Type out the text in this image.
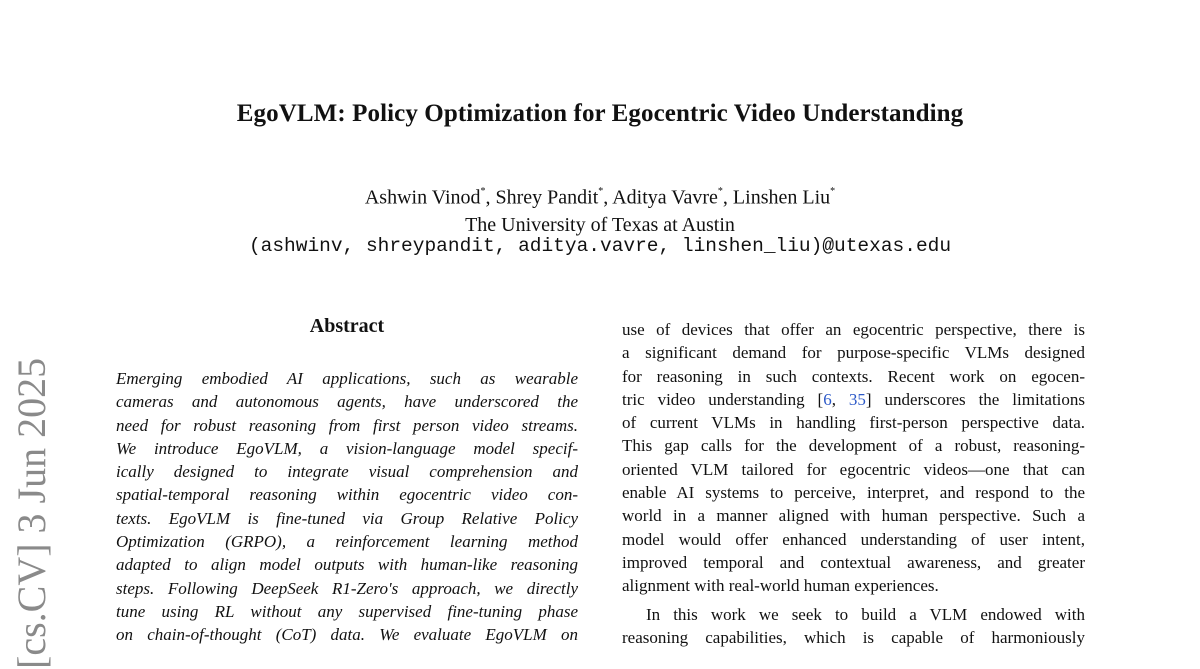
EgoVLM: Policy Optimization for Egocentric Video Understanding
Ashwin Vinod*, Shrey Pandit*, Aditya Vavre*, Linshen Liu*
The University of Texas at Austin
(ashwinv, shreypandit, aditya.vavre, linshen_liu)@utexas.edu
[cs.CV] 3 Jun 2025
Abstract
Emerging embodied AI applications, such as wearable
cameras and autonomous agents, have underscored the
need for robust reasoning from first person video streams.
We introduce EgoVLM, a vision-language model specif-
ically designed to integrate visual comprehension and
spatial-temporal reasoning within egocentric video con-
texts. EgoVLM is fine-tuned via Group Relative Policy
Optimization (GRPO), a reinforcement learning method
adapted to align model outputs with human-like reasoning
steps. Following DeepSeek R1-Zero's approach, we directly
tune using RL without any supervised fine-tuning phase
on chain-of-thought (CoT) data. We evaluate EgoVLM on
use of devices that offer an egocentric perspective, there is
a significant demand for purpose-specific VLMs designed
for reasoning in such contexts. Recent work on egocen-
tric video understanding [6, 35] underscores the limitations
of current VLMs in handling first-person perspective data.
This gap calls for the development of a robust, reasoning-
oriented VLM tailored for egocentric videos—one that can
enable AI systems to perceive, interpret, and respond to the
world in a manner aligned with human perspective. Such a
model would offer enhanced understanding of user intent,
improved temporal and contextual awareness, and greater
alignment with real-world human experiences.
In this work we seek to build a VLM endowed with
reasoning capabilities, which is capable of harmoniously
